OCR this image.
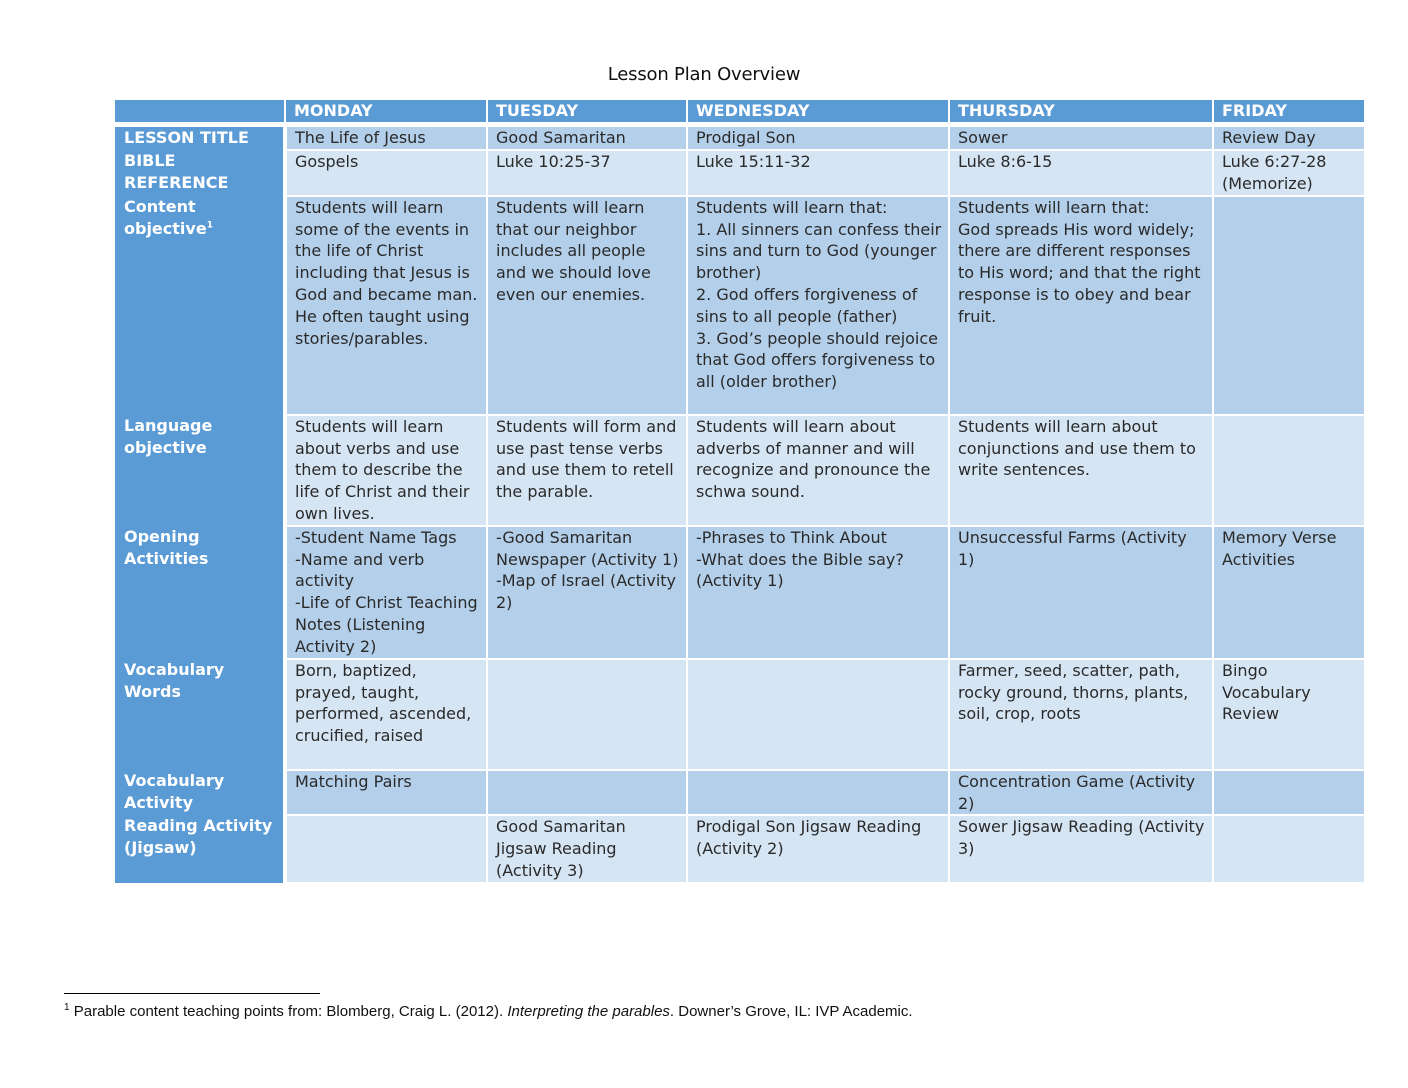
Lesson Plan Overview
	MONDAY	TUESDAY	WEDNESDAY	THURSDAY	FRIDAY
LESSON TITLE	The Life of Jesus	Good Samaritan	Prodigal Son	Sower	Review Day
BIBLE REFERENCE	Gospels	Luke 10:25-37	Luke 15:11-32	Luke 8:6-15	Luke 6:27-28
(Memorize)
Content objective$^1$	Students will learn some of the events in the life of Christ including that Jesus is God and became man. He often taught using stories/parables.	Students will learn that our neighbor includes all people and we should love even our enemies.	Students will learn that:
1. All sinners can confess their sins and turn to God (younger brother)
2. God offers forgiveness of sins to all people (father)
3. God’s people should rejoice that God offers forgiveness to all (older brother)	Students will learn that:
God spreads His word widely; there are different responses to His word; and that the right response is to obey and bear fruit.	
Language objective	Students will learn about verbs and use them to describe the life of Christ and their own lives.	Students will form and use past tense verbs and use them to retell the parable.	Students will learn about adverbs of manner and will recognize and pronounce the schwa sound.	Students will learn about conjunctions and use them to write sentences.	
Opening Activities	-Student Name Tags
-Name and verb activity
-Life of Christ Teaching Notes (Listening Activity 2)	-Good Samaritan Newspaper (Activity 1)
-Map of Israel (Activity 2)	-Phrases to Think About
-What does the Bible say? (Activity 1)	Unsuccessful Farms (Activity 1)	Memory Verse Activities
Vocabulary Words	Born, baptized, prayed, taught, performed, ascended, crucified, raised			Farmer, seed, scatter, path, rocky ground, thorns, plants, soil, crop, roots	Bingo Vocabulary Review
Vocabulary Activity	Matching Pairs			Concentration Game (Activity 2)	
Reading Activity (Jigsaw)		Good Samaritan Jigsaw Reading (Activity 3)	Prodigal Son Jigsaw Reading (Activity 2)	Sower Jigsaw Reading (Activity 3)	
$^1$ Parable content teaching points from: Blomberg, Craig L. (2012). Interpreting the parables. Downer’s Grove, IL: IVP Academic.
